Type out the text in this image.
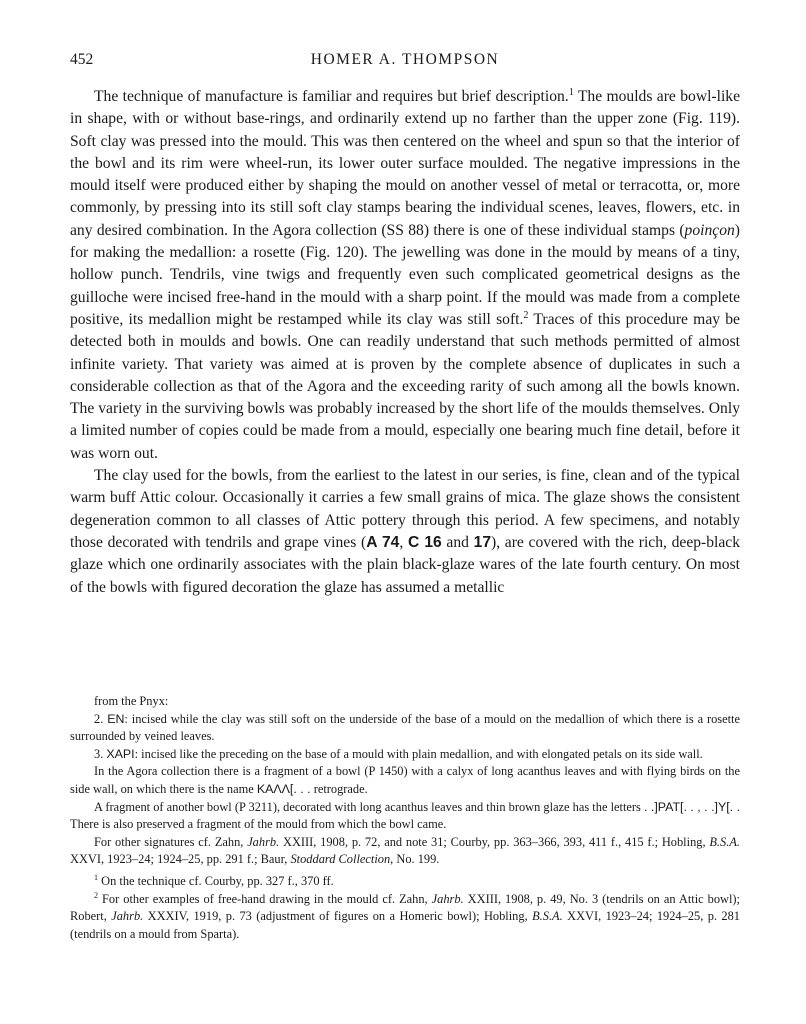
452	HOMER A. THOMPSON

The technique of manufacture is familiar and requires but brief description.$^1$ The moulds are bowl-like in shape, with or without base-rings, and ordinarily extend up no farther than the upper zone (Fig. 119). Soft clay was pressed into the mould. This was then centered on the wheel and spun so that the interior of the bowl and its rim were wheel-run, its lower outer surface moulded. The negative impressions in the mould itself were produced either by shaping the mould on another vessel of metal or terracotta, or, more commonly, by pressing into its still soft clay stamps bearing the individual scenes, leaves, flowers, etc. in any desired combination. In the Agora collection (SS 88) there is one of these individual stamps (poinçon) for making the medallion: a rosette (Fig. 120). The jewelling was done in the mould by means of a tiny, hollow punch. Tendrils, vine twigs and frequently even such complicated geometrical designs as the guilloche were incised free-hand in the mould with a sharp point. If the mould was made from a complete positive, its medallion might be restamped while its clay was still soft.$^2$ Traces of this procedure may be detected both in moulds and bowls. One can readily understand that such methods permitted of almost infinite variety. That variety was aimed at is proven by the complete absence of duplicates in such a considerable collection as that of the Agora and the exceeding rarity of such among all the bowls known. The variety in the surviving bowls was probably increased by the short life of the moulds themselves. Only a limited number of copies could be made from a mould, especially one bearing much fine detail, before it was worn out.

The clay used for the bowls, from the earliest to the latest in our series, is fine, clean and of the typical warm buff Attic colour. Occasionally it carries a few small grains of mica. The glaze shows the consistent degeneration common to all classes of Attic pottery through this period. A few specimens, and notably those decorated with tendrils and grape vines (A 74, C 16 and 17), are covered with the rich, deep-black glaze which one ordinarily associates with the plain black-glaze wares of the late fourth century. On most of the bowls with figured decoration the glaze has assumed a metallic

from the Pnyx:

2. ΕΝ: incised while the clay was still soft on the underside of the base of a mould on the medallion of which there is a rosette surrounded by veined leaves.

3. ΧΑΡΙ: incised like the preceding on the base of a mould with plain medallion, and with elongated petals on its side wall.

In the Agora collection there is a fragment of a bowl (P 1450) with a calyx of long acanthus leaves and with flying birds on the side wall, on which there is the name ΚΑΛΛ[. . . retrograde.

A fragment of another bowl (P 3211), decorated with long acanthus leaves and thin brown glaze has the letters . .]ΡΑΤ[. . , . .]Υ[. . There is also preserved a fragment of the mould from which the bowl came.

For other signatures cf. Zahn, Jahrb. XXIII, 1908, p. 72, and note 31; Courby, pp. 363–366, 393, 411 f., 415 f.; Hobling, B.S.A. XXVI, 1923–24; 1924–25, pp. 291 f.; Baur, Stoddard Collection, No. 199.

$^1$ On the technique cf. Courby, pp. 327 f., 370 ff.

$^2$ For other examples of free-hand drawing in the mould cf. Zahn, Jahrb. XXIII, 1908, p. 49, No. 3 (tendrils on an Attic bowl); Robert, Jahrb. XXXIV, 1919, p. 73 (adjustment of figures on a Homeric bowl); Hobling, B.S.A. XXVI, 1923–24; 1924–25, p. 281 (tendrils on a mould from Sparta).
